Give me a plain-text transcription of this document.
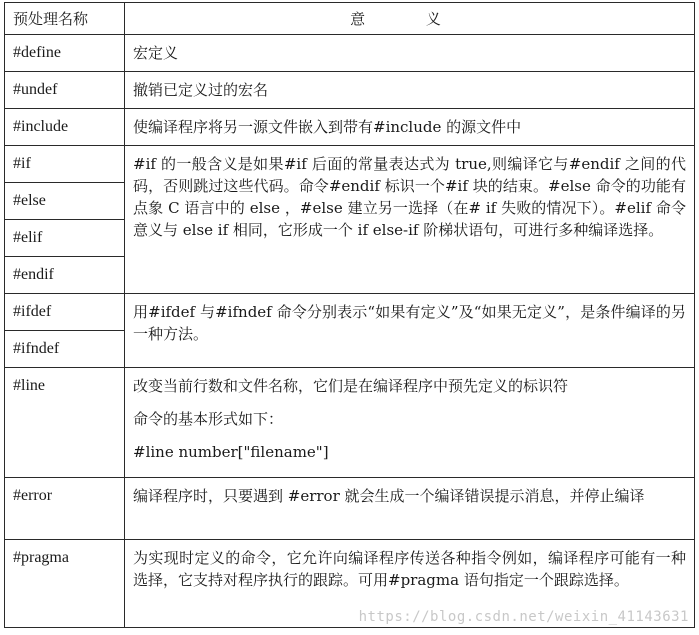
预处理名称	意 义
#define	宏定义
#undef	撤销已定义过的宏名
#include	使编译程序将另一源文件嵌入到带有#include 的源文件中
#if	#if 的一般含义是如果#if 后面的常量表达式为 true,则编译它与#endif 之间的代码，否则跳过这些代码。命令#endif 标识一个#if 块的结束。#else 命令的功能有点象 C 语言中的 else ，#else 建立另一选择（在# if 失败的情况下）。#elif 命令意义与 else if 相同，它形成一个 if else-if 阶梯状语句，可进行多种编译选择。
#else	
#elif	
#endif	
#ifdef	用#ifdef 与#ifndef 命令分别表示“如果有定义”及“如果无定义”，是条件编译的另一种方法。
#ifndef	
#line	改变当前行数和文件名称，它们是在编译程序中预先定义的标识符
命令的基本形式如下：
#line number["filename"]

#error	编译程序时，只要遇到 #error 就会生成一个编译错误提示消息，并停止编译
#pragma	为实现时定义的命令，它允许向编译程序传送各种指令例如，编译程序可能有一种选择，它支持对程序执行的跟踪。可用#pragma 语句指定一个跟踪选择。
https://blog.csdn.net/weixin_41143631
